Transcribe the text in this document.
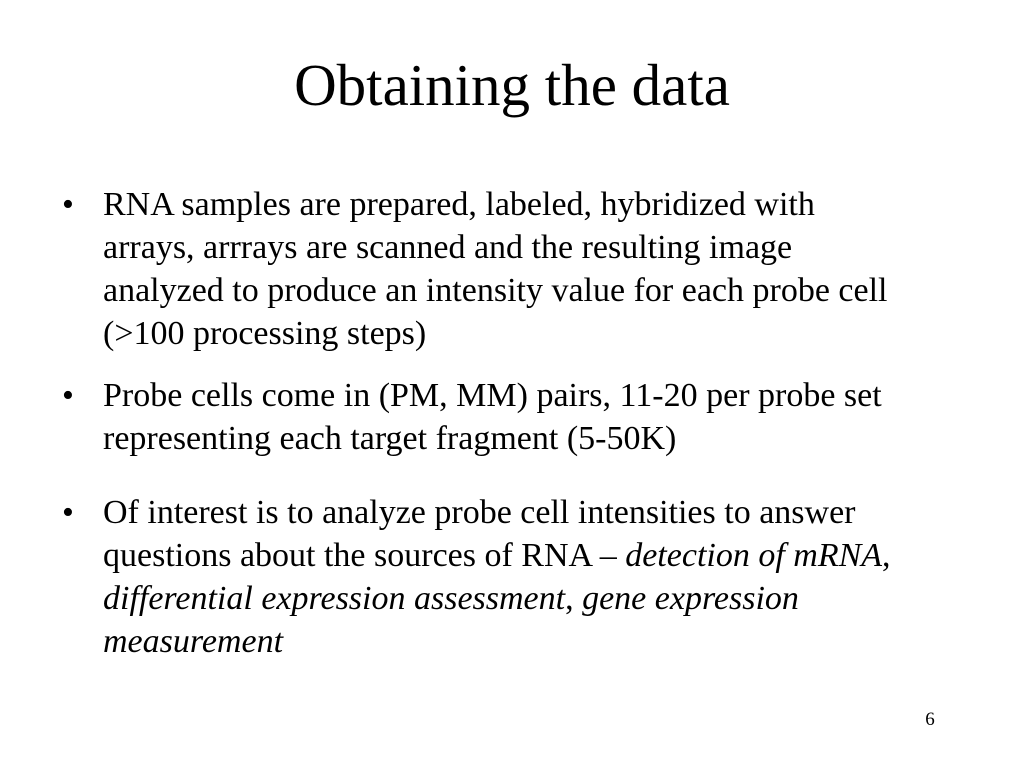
Obtaining the data
• RNA samples are prepared, labeled, hybridized with arrays, arrrays are scanned and the resulting image analyzed to produce an intensity value for each probe cell (>100 processing steps)
• Probe cells come in (PM, MM) pairs, 11-20 per probe set representing each target fragment (5-50K)
• Of interest is to analyze probe cell intensities to answer questions about the sources of RNA – detection of mRNA, differential expression assessment, gene expression measurement
6
